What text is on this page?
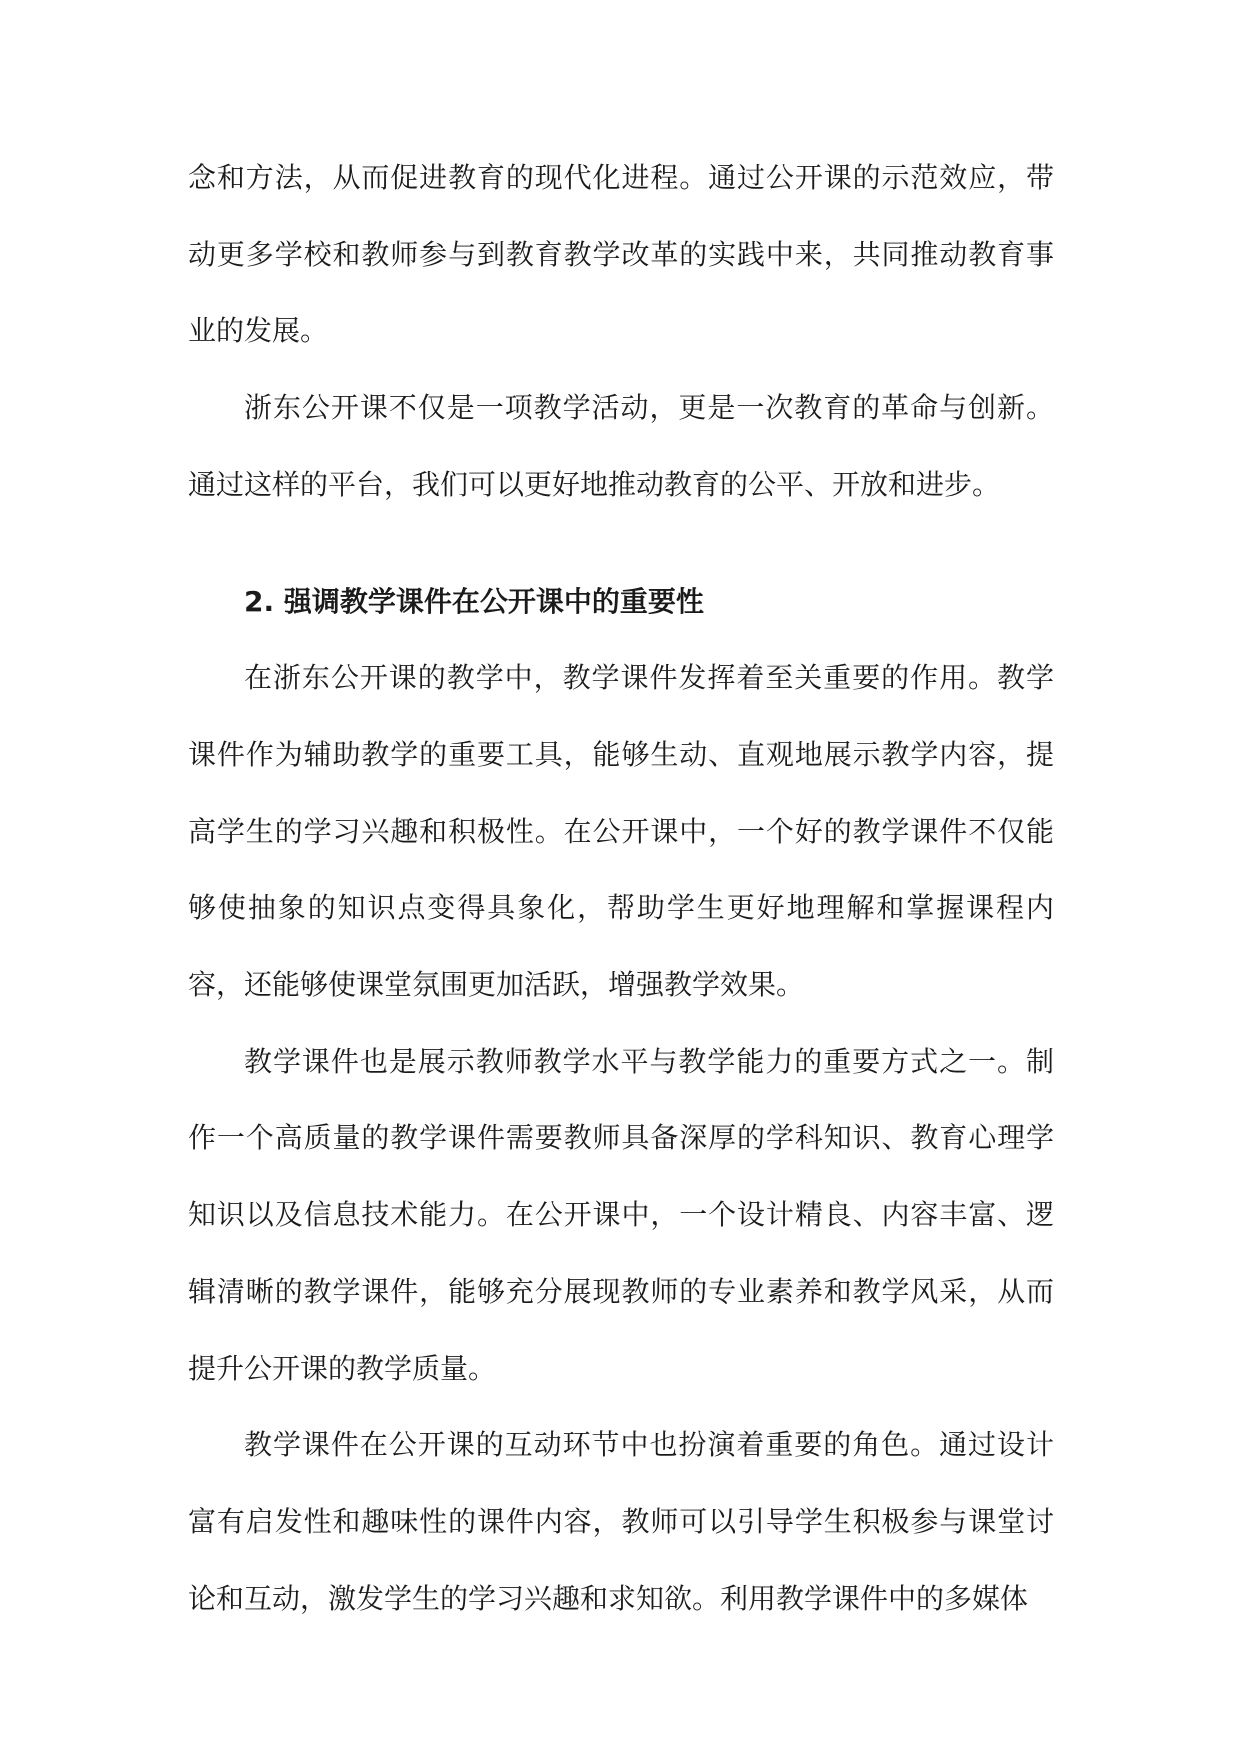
念和方法，从而促进教育的现代化进程。通过公开课的示范效应，带动更多学校和教师参与到教育教学改革的实践中来，共同推动教育事业的发展。

浙东公开课不仅是一项教学活动，更是一次教育的革命与创新。通过这样的平台，我们可以更好地推动教育的公平、开放和进步。

2. 强调教学课件在公开课中的重要性

在浙东公开课的教学中，教学课件发挥着至关重要的作用。教学课件作为辅助教学的重要工具，能够生动、直观地展示教学内容，提高学生的学习兴趣和积极性。在公开课中，一个好的教学课件不仅能够使抽象的知识点变得具象化，帮助学生更好地理解和掌握课程内容，还能够使课堂氛围更加活跃，增强教学效果。

教学课件也是展示教师教学水平与教学能力的重要方式之一。制作一个高质量的教学课件需要教师具备深厚的学科知识、教育心理学知识以及信息技术能力。在公开课中，一个设计精良、内容丰富、逻辑清晰的教学课件，能够充分展现教师的专业素养和教学风采，从而提升公开课的教学质量。

教学课件在公开课的互动环节中也扮演着重要的角色。通过设计富有启发性和趣味性的课件内容，教师可以引导学生积极参与课堂讨论和互动，激发学生的学习兴趣和求知欲。利用教学课件中的多媒体
